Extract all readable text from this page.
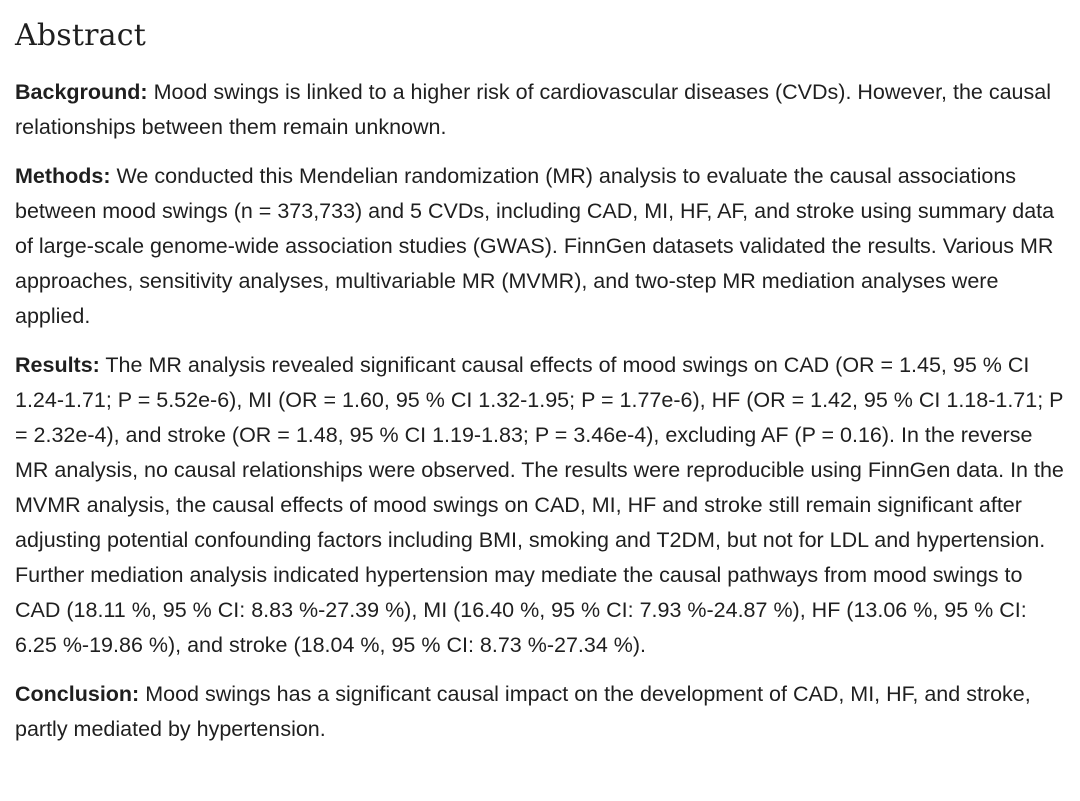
Abstract

Background: Mood swings is linked to a higher risk of cardiovascular diseases (CVDs). However, the causal relationships between them remain unknown.

Methods: We conducted this Mendelian randomization (MR) analysis to evaluate the causal associations between mood swings (n = 373,733) and 5 CVDs, including CAD, MI, HF, AF, and stroke using summary data of large-scale genome-wide association studies (GWAS). FinnGen datasets validated the results. Various MR approaches, sensitivity analyses, multivariable MR (MVMR), and two-step MR mediation analyses were applied.

Results: The MR analysis revealed significant causal effects of mood swings on CAD (OR = 1.45, 95 % CI 1.24-1.71; P = 5.52e-6), MI (OR = 1.60, 95 % CI 1.32-1.95; P = 1.77e-6), HF (OR = 1.42, 95 % CI 1.18-1.71; P = 2.32e-4), and stroke (OR = 1.48, 95 % CI 1.19-1.83; P = 3.46e-4), excluding AF (P = 0.16). In the reverse MR analysis, no causal relationships were observed. The results were reproducible using FinnGen data. In the MVMR analysis, the causal effects of mood swings on CAD, MI, HF and stroke still remain significant after adjusting potential confounding factors including BMI, smoking and T2DM, but not for LDL and hypertension. Further mediation analysis indicated hypertension may mediate the causal pathways from mood swings to CAD (18.11 %, 95 % CI: 8.83 %-27.39 %), MI (16.40 %, 95 % CI: 7.93 %-24.87 %), HF (13.06 %, 95 % CI: 6.25 %-19.86 %), and stroke (18.04 %, 95 % CI: 8.73 %-27.34 %).

Conclusion: Mood swings has a significant causal impact on the development of CAD, MI, HF, and stroke, partly mediated by hypertension.
